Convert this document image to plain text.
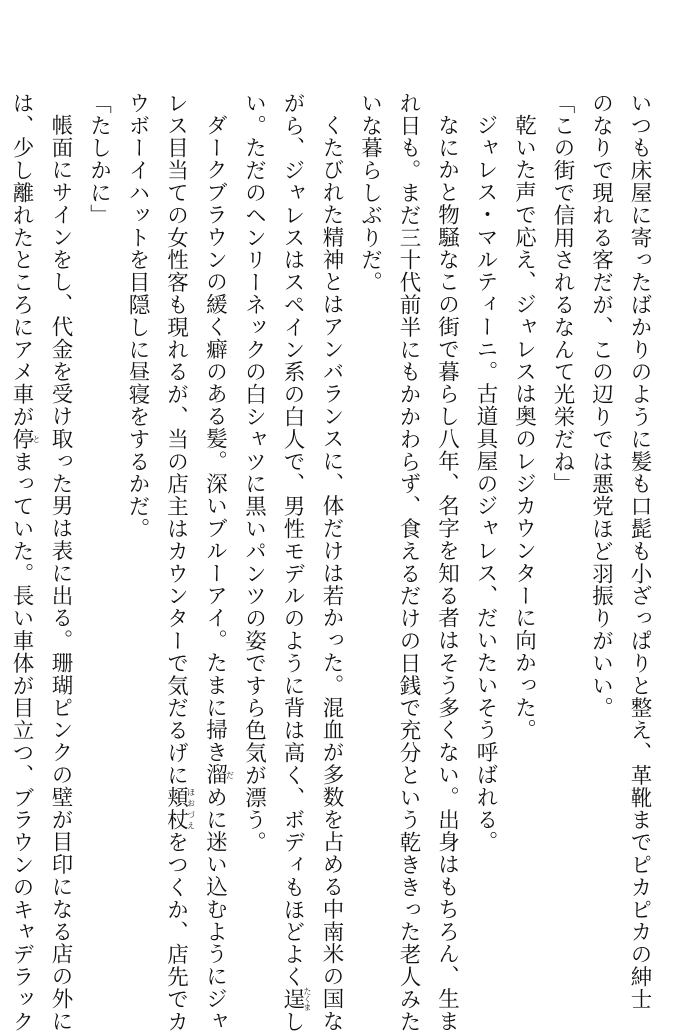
いつも床屋に寄ったばかりのように髪も口髭も小ざっぱりと整え、革靴までピカピカの紳士
のなりで現れる客だが、この辺りでは悪党ほど羽振りがいい。
「この街で信用されるなんて光栄だね」
乾いた声で応え、ジャレスは奥のレジカウンターに向かった。
ジャレス・マルティーニ。古道具屋のジャレス、だいたいそう呼ばれる。
なにかと物騒なこの街で暮らし八年、名字を知る者はそう多くない。出身はもちろん、生ま
れ日も。まだ三十代前半にもかかわらず、食えるだけの日銭で充分という乾ききった老人みた
いな暮らしぶりだ。
くたびれた精神とはアンバランスに、体だけは若かった。混血が多数を占める中南米の国な
がら、ジャレスはスペイン系の白人で、男性モデルのように背は高く、ボディもほどよく逞たくまし
い。ただのヘンリーネックの白シャツに黒いパンツの姿ですら色気が漂う。
ダークブラウンの緩く癖のある髪。深いブルーアイ。たまに掃き溜だめに迷い込むようにジャ
レス目当ての女性客も現れるが、当の店主はカウンターで気だるげに頬杖ほおづえをつくか、店先でカ
ウボーイハットを目隠しに昼寝をするかだ。
「たしかに」
帳面にサインをし、代金を受け取った男は表に出る。珊瑚ピンクの壁が目印になる店の外に
は、少し離れたところにアメ車が停とまっていた。長い車体が目立つ、ブラウンのキャデラック
